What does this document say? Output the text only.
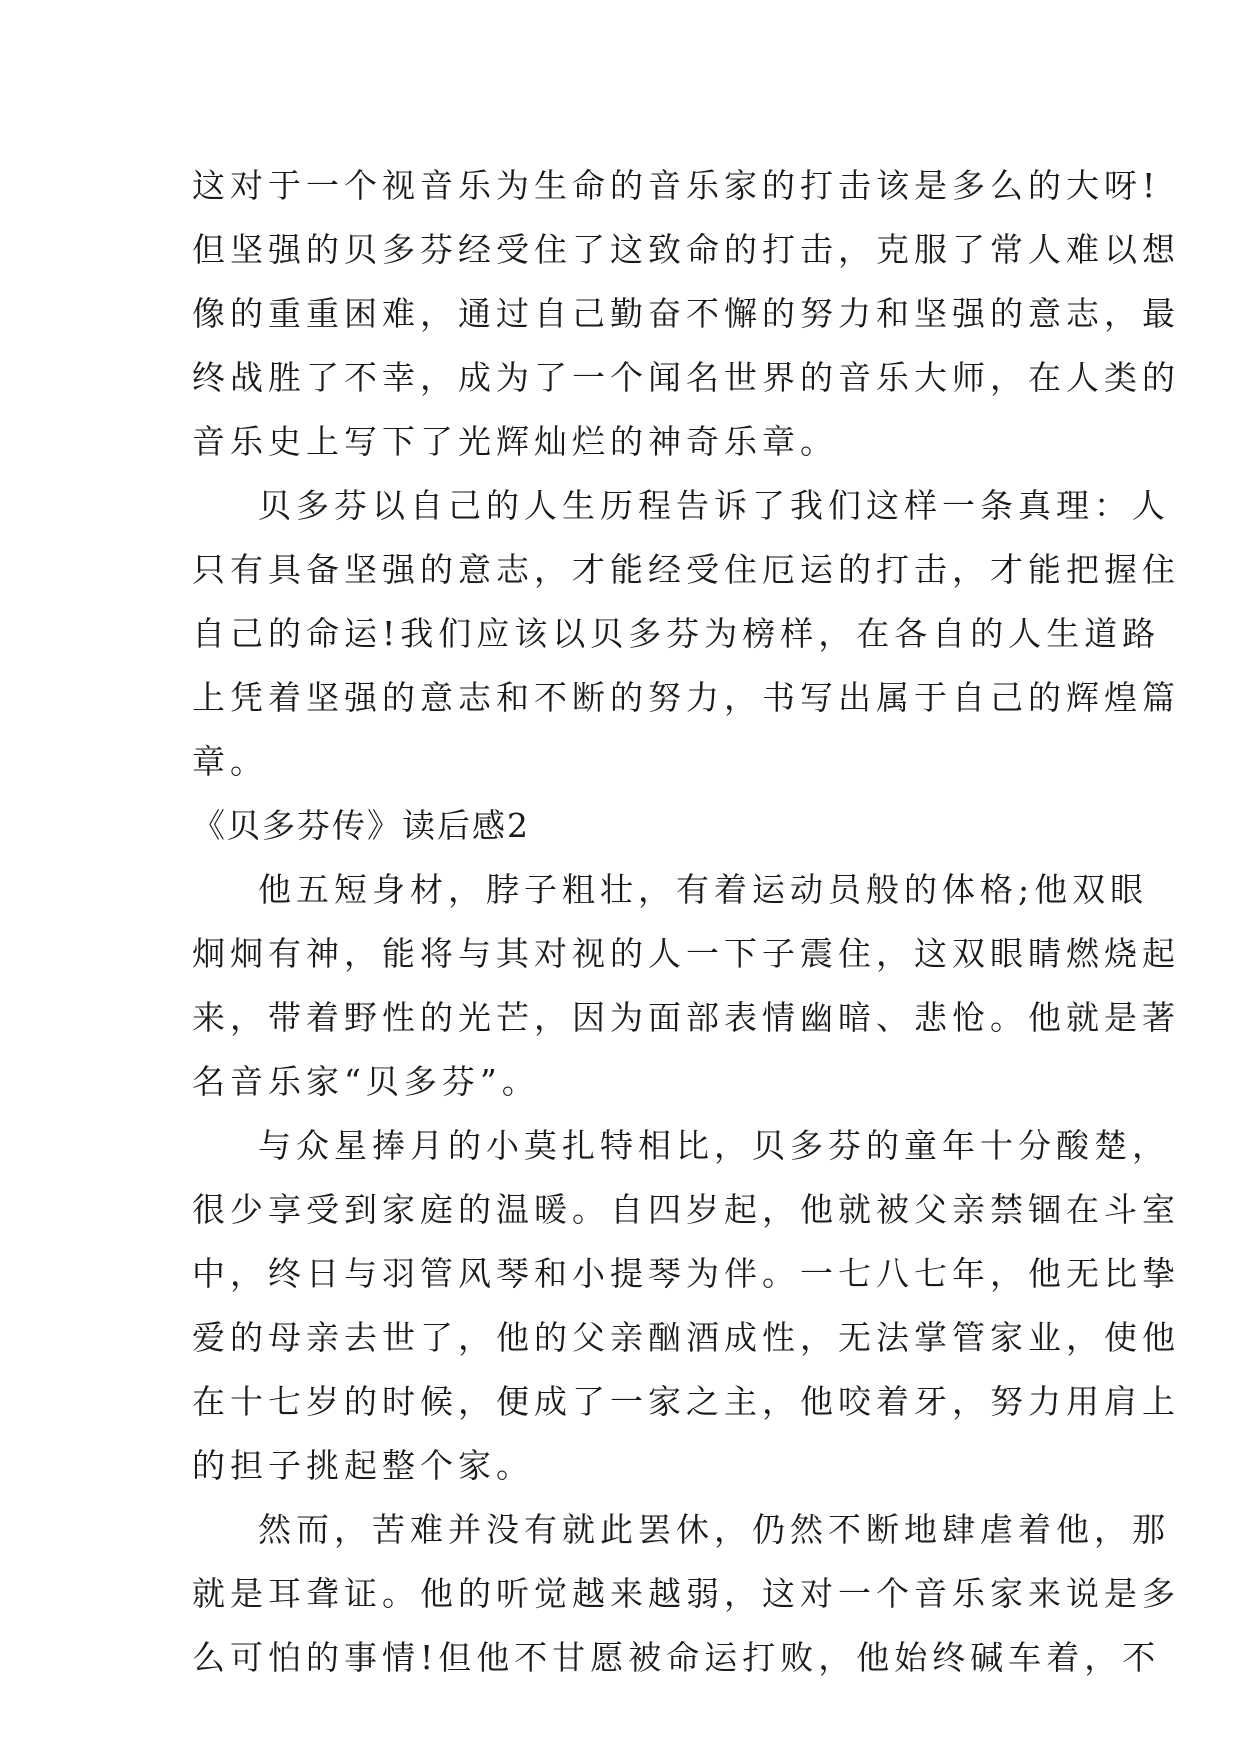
这对于一个视音乐为生命的音乐家的打击该是多么的大呀!
但坚强的贝多芬经受住了这致命的打击，克服了常人难以想
像的重重困难，通过自己勤奋不懈的努力和坚强的意志，最
终战胜了不幸，成为了一个闻名世界的音乐大师，在人类的
音乐史上写下了光辉灿烂的神奇乐章。
贝多芬以自己的人生历程告诉了我们这样一条真理：人
只有具备坚强的意志，才能经受住厄运的打击，才能把握住
自己的命运!我们应该以贝多芬为榜样，在各自的人生道路
上凭着坚强的意志和不断的努力，书写出属于自己的辉煌篇
章。
《贝多芬传》读后感2
他五短身材，脖子粗壮，有着运动员般的体格;他双眼
炯炯有神，能将与其对视的人一下子震住，这双眼睛燃烧起
来，带着野性的光芒，因为面部表情幽暗、悲怆。他就是著
名音乐家“贝多芬”。
与众星捧月的小莫扎特相比，贝多芬的童年十分酸楚，
很少享受到家庭的温暖。自四岁起，他就被父亲禁锢在斗室
中，终日与羽管风琴和小提琴为伴。一七八七年，他无比挚
爱的母亲去世了，他的父亲酗酒成性，无法掌管家业，使他
在十七岁的时候，便成了一家之主，他咬着牙，努力用肩上
的担子挑起整个家。
然而，苦难并没有就此罢休，仍然不断地肆虐着他，那
就是耳聋证。他的听觉越来越弱，这对一个音乐家来说是多
么可怕的事情!但他不甘愿被命运打败，他始终碱车着，不
